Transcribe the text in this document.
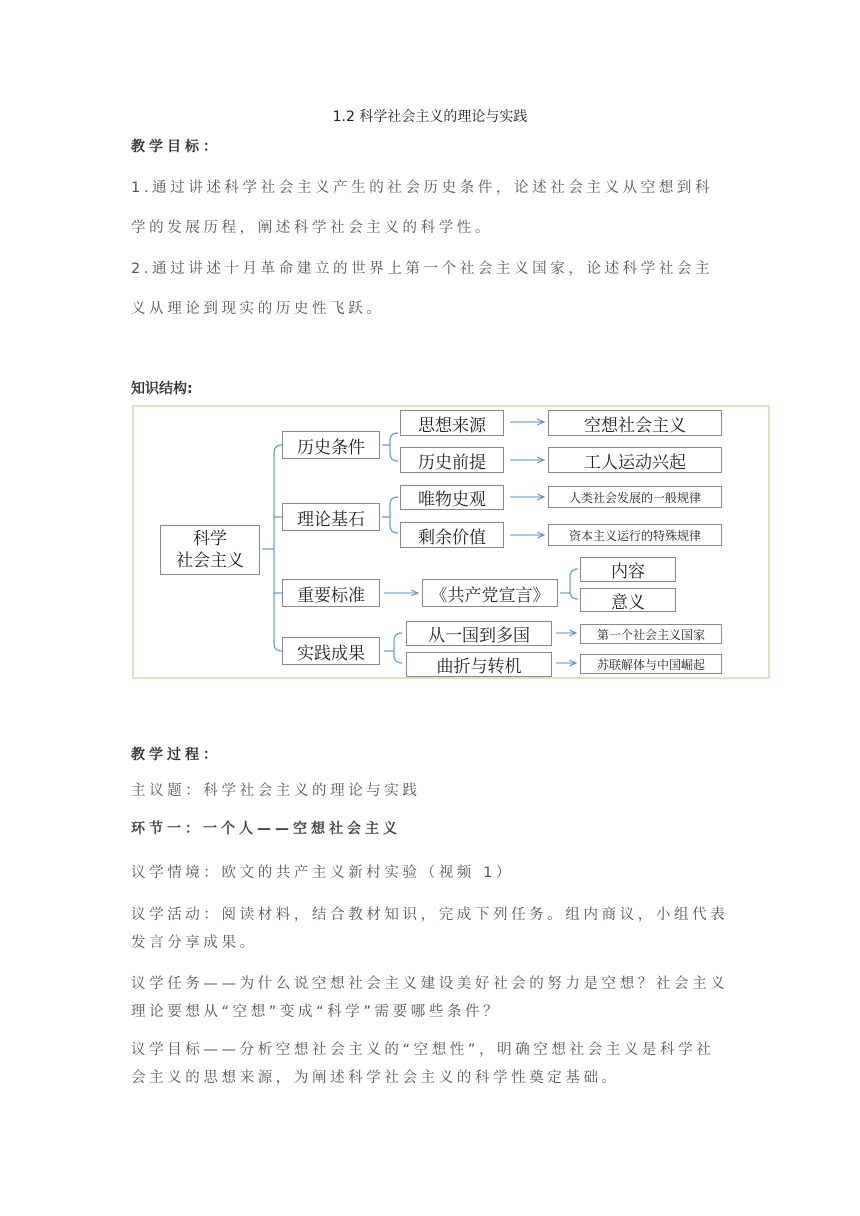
1.2 科学社会主义的理论与实践
教学目标：
1.通过讲述科学社会主义产生的社会历史条件，论述社会主义从空想到科学的发展历程，阐述科学社会主义的科学性。
2.通过讲述十月革命建立的世界上第一个社会主义国家，论述科学社会主义从理论到现实的历史性飞跃。
知识结构:
科学
社会主义
历史条件
思想来源
历史前提
空想社会主义
工人运动兴起
理论基石
唯物史观
剩余价值
人类社会发展的一般规律
资本主义运行的特殊规律
重要标准	《共产党宣言》
内容
意义
实践成果
从一国到多国
曲折与转机
第一个社会主义国家
苏联解体与中国崛起
教学过程：
主议题：科学社会主义的理论与实践
环节一：一个人——空想社会主义
议学情境：欧文的共产主义新村实验（视频 1）
议学活动：阅读材料，结合教材知识，完成下列任务。组内商议，小组代表发言分享成果。
议学任务——为什么说空想社会主义建设美好社会的努力是空想？社会主义理论要想从“空想”变成“科学”需要哪些条件？
议学目标——分析空想社会主义的“空想性”，明确空想社会主义是科学社会主义的思想来源，为阐述科学社会主义的科学性奠定基础。
